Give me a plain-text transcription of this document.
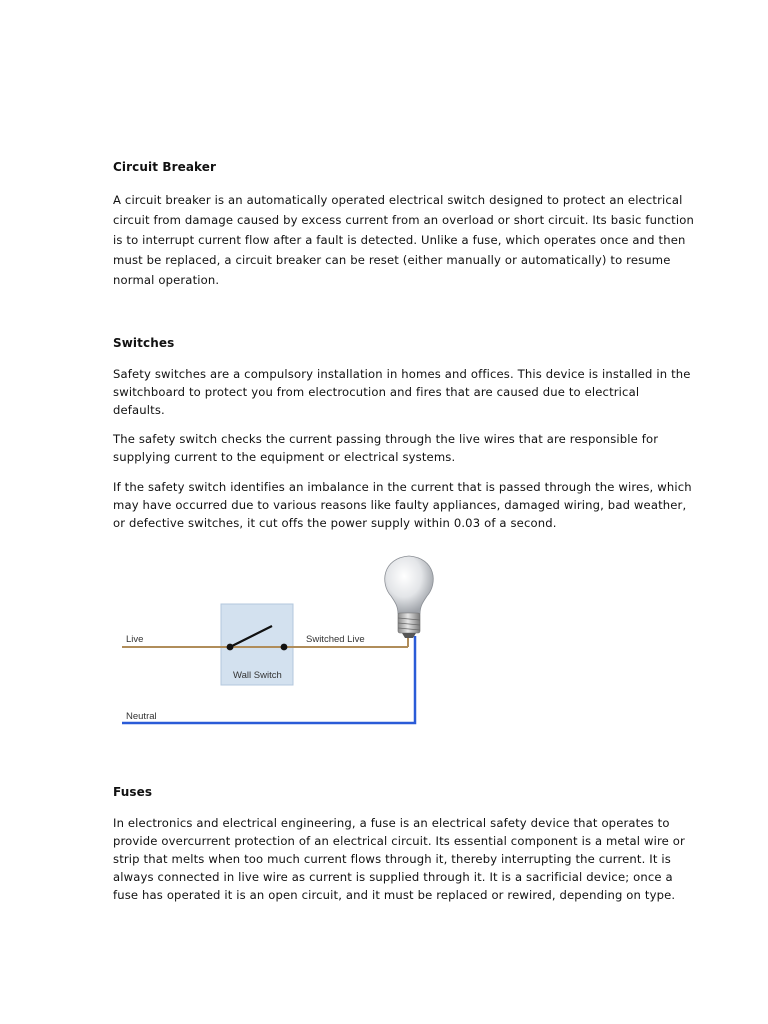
Circuit Breaker
A circuit breaker is an automatically operated electrical switch designed to protect an electrical
circuit from damage caused by excess current from an overload or short circuit. Its basic function
is to interrupt current flow after a fault is detected. Unlike a fuse, which operates once and then
must be replaced, a circuit breaker can be reset (either manually or automatically) to resume
normal operation.
Switches
Safety switches are a compulsory installation in homes and offices. This device is installed in the
switchboard to protect you from electrocution and fires that are caused due to electrical
defaults.
The safety switch checks the current passing through the live wires that are responsible for
supplying current to the equipment or electrical systems.
If the safety switch identifies an imbalance in the current that is passed through the wires, which
may have occurred due to various reasons like faulty appliances, damaged wiring, bad weather,
or defective switches, it cut offs the power supply within 0.03 of a second.
Fuses
In electronics and electrical engineering, a fuse is an electrical safety device that operates to
provide overcurrent protection of an electrical circuit. Its essential component is a metal wire or
strip that melts when too much current flows through it, thereby interrupting the current. It is
always connected in live wire as current is supplied through it. It is a sacrificial device; once a
fuse has operated it is an open circuit, and it must be replaced or rewired, depending on type.
Live	Switched Live
Wall Switch
Neutral
